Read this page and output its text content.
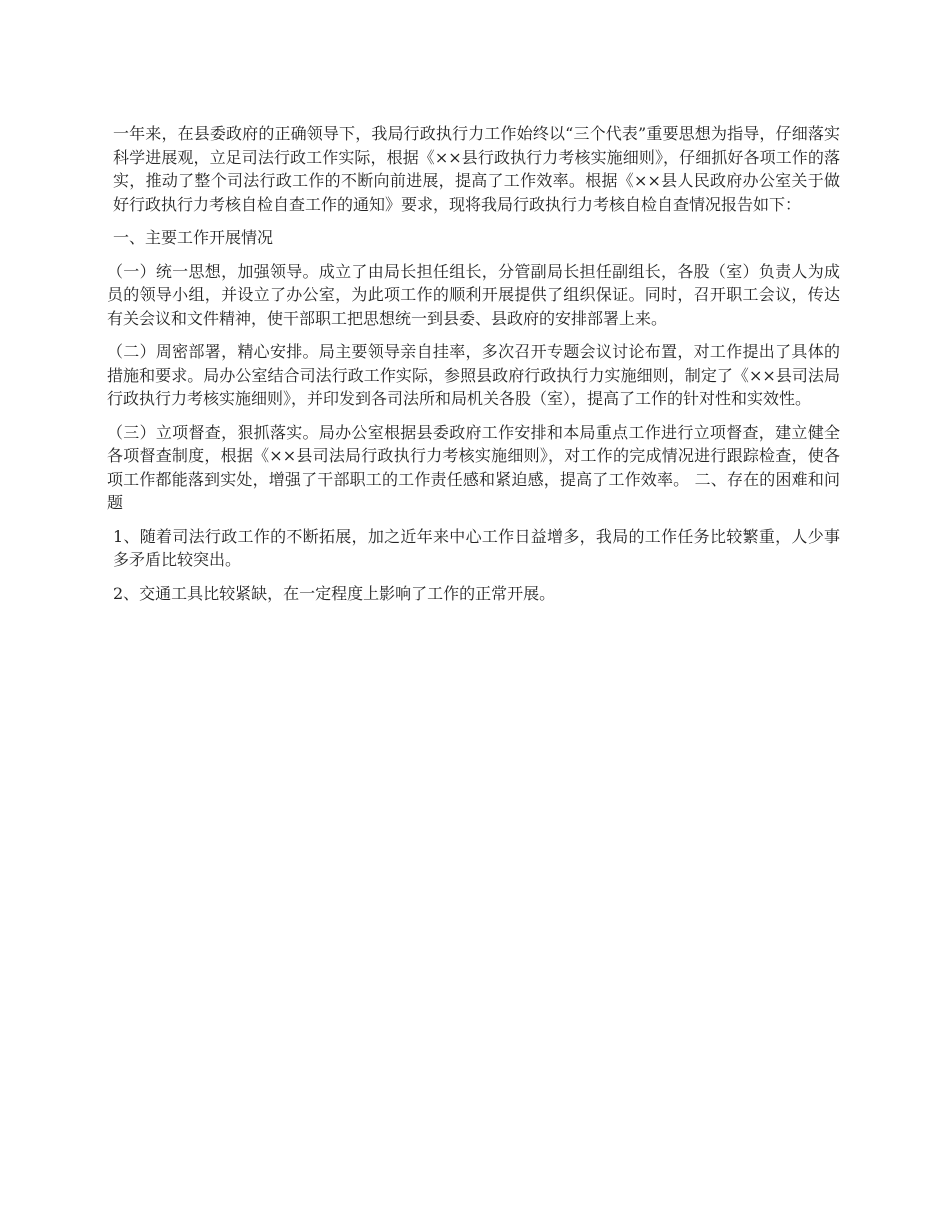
一年来，在县委政府的正确领导下，我局行政执行力工作始终以“三个代表”重要思想为指导，仔细落实科学进展观，立足司法行政工作实际，根据《××县行政执行力考核实施细则》，仔细抓好各项工作的落实，推动了整个司法行政工作的不断向前进展，提高了工作效率。根据《××县人民政府办公室关于做好行政执行力考核自检自查工作的通知》要求，现将我局行政执行力考核自检自查情况报告如下：

一、主要工作开展情况

（一）统一思想，加强领导。成立了由局长担任组长，分管副局长担任副组长，各股（室）负责人为成员的领导小组，并设立了办公室，为此项工作的顺利开展提供了组织保证。同时，召开职工会议，传达有关会议和文件精神，使干部职工把思想统一到县委、县政府的安排部署上来。

（二）周密部署，精心安排。局主要领导亲自挂率，多次召开专题会议讨论布置，对工作提出了具体的措施和要求。局办公室结合司法行政工作实际，参照县政府行政执行力实施细则，制定了《××县司法局行政执行力考核实施细则》，并印发到各司法所和局机关各股（室），提高了工作的针对性和实效性。

（三）立项督查，狠抓落实。局办公室根据县委政府工作安排和本局重点工作进行立项督查，建立健全各项督查制度，根据《××县司法局行政执行力考核实施细则》，对工作的完成情况进行跟踪检查，使各项工作都能落到实处，增强了干部职工的工作责任感和紧迫感，提高了工作效率。 二、存在的困难和问题

1、随着司法行政工作的不断拓展，加之近年来中心工作日益增多，我局的工作任务比较繁重，人少事多矛盾比较突出。

2、交通工具比较紧缺，在一定程度上影响了工作的正常开展。
